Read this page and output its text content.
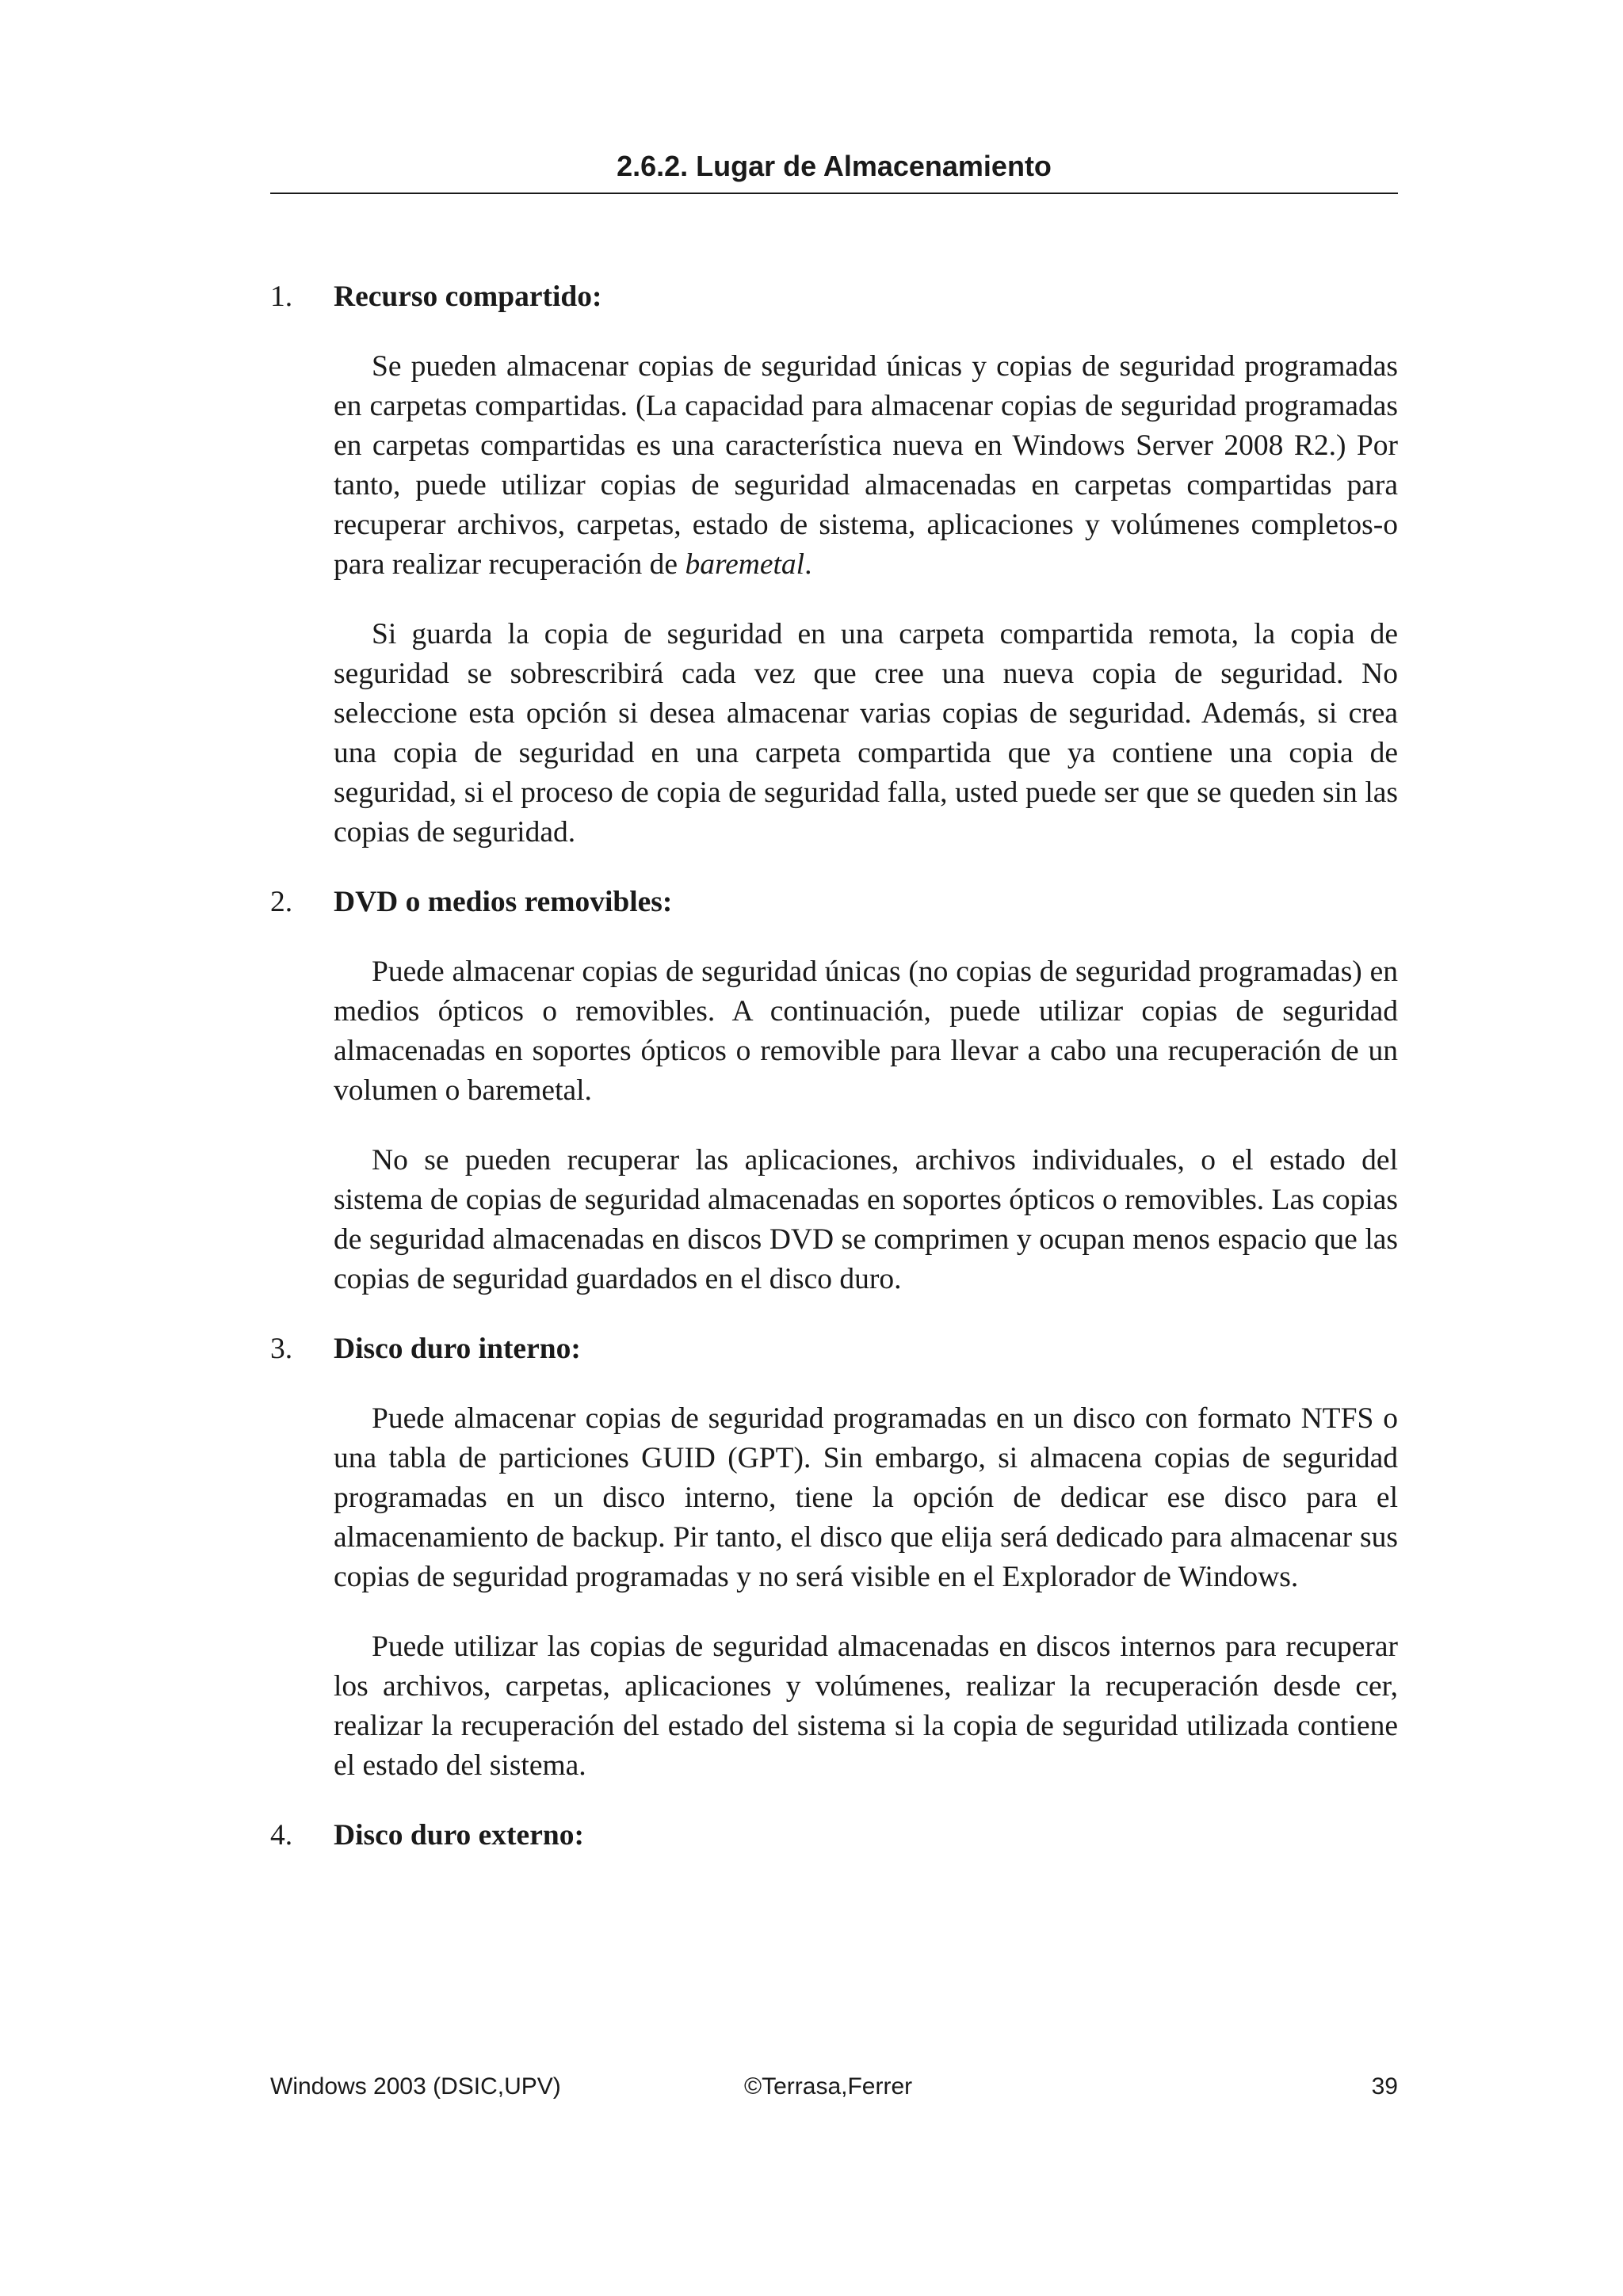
2.6.2. Lugar de Almacenamiento
1. Recurso compartido:

Se pueden almacenar copias de seguridad únicas y copias de seguridad programadas en carpetas compartidas. (La capacidad para almacenar copias de seguridad programadas en carpetas compartidas es una característica nueva en Windows Server 2008 R2.) Por tanto, puede utilizar copias de seguridad almacenadas en carpetas compartidas para recuperar archivos, carpetas, estado de sistema, aplicaciones y volúmenes completos-o para realizar recuperación de baremetal.

Si guarda la copia de seguridad en una carpeta compartida remota, la copia de seguridad se sobrescribirá cada vez que cree una nueva copia de seguridad. No seleccione esta opción si desea almacenar varias copias de seguridad. Además, si crea una copia de seguridad en una carpeta compartida que ya contiene una copia de seguridad, si el proceso de copia de seguridad falla, usted puede ser que se queden sin las copias de seguridad.

2. DVD o medios removibles:

Puede almacenar copias de seguridad únicas (no copias de seguridad programadas) en medios ópticos o removibles. A continuación, puede utilizar copias de seguridad almacenadas en soportes ópticos o removible para llevar a cabo una recuperación de un volumen o baremetal.

No se pueden recuperar las aplicaciones, archivos individuales, o el estado del sistema de copias de seguridad almacenadas en soportes ópticos o removibles. Las copias de seguridad almacenadas en discos DVD se comprimen y ocupan menos espacio que las copias de seguridad guardados en el disco duro.

3. Disco duro interno:

Puede almacenar copias de seguridad programadas en un disco con formato NTFS o una tabla de particiones GUID (GPT). Sin embargo, si almacena copias de seguridad programadas en un disco interno, tiene la opción de dedicar ese disco para el almacenamiento de backup. Pir tanto, el disco que elija será dedicado para almacenar sus copias de seguridad programadas y no será visible en el Explorador de Windows.

Puede utilizar las copias de seguridad almacenadas en discos internos para recuperar los archivos, carpetas, aplicaciones y volúmenes, realizar la recuperación desde cer, realizar la recuperación del estado del sistema si la copia de seguridad utilizada contiene el estado del sistema.

4. Disco duro externo:
Windows 2003 (DSIC,UPV)	©Terrasa,Ferrer	39
